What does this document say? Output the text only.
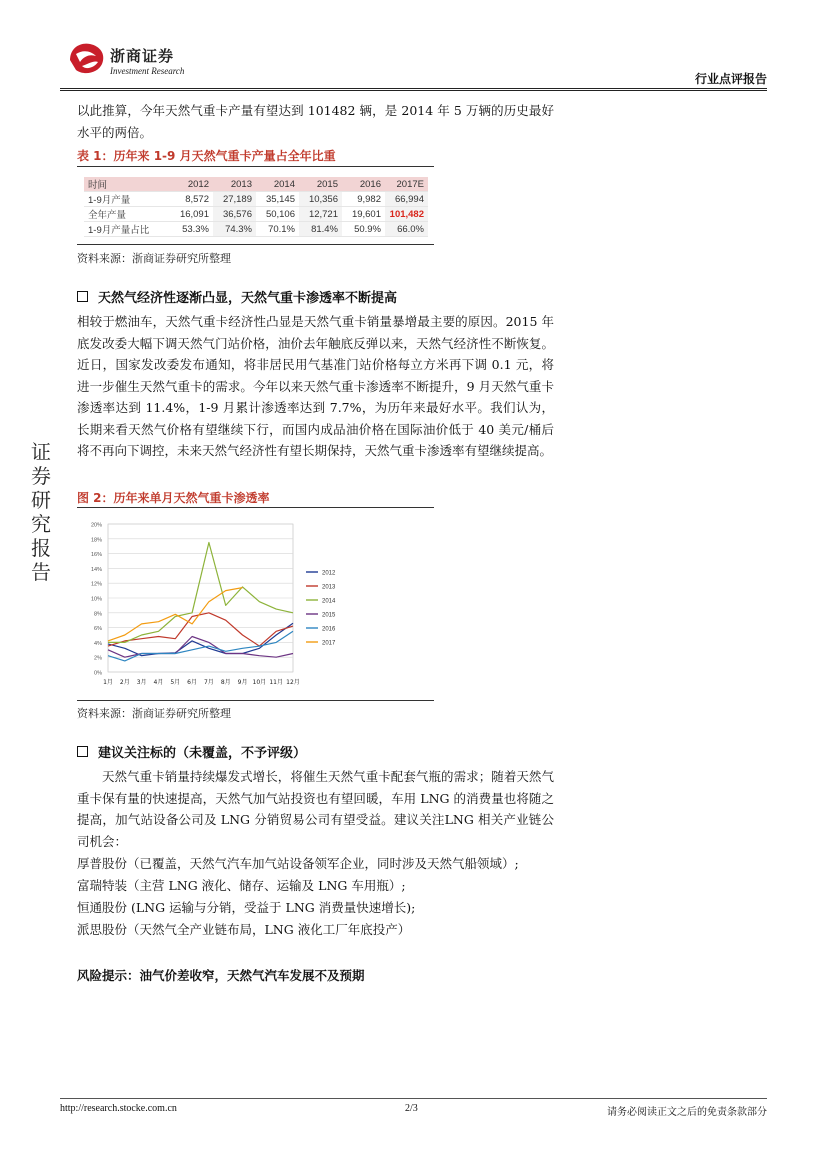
浙商证券
Investment Research
行业点评报告
证券研究报告
以此推算，今年天然气重卡产量有望达到 101482 辆，是 2014 年 5 万辆的历史最好水平的两倍。
表 1：历年来 1-9 月天然气重卡产量占全年比重
时间	2012	2013	2014	2015	2016	2017E
1-9月产量	8,572	27,189	35,145	10,356	9,982	66,994
全年产量	16,091	36,576	50,106	12,721	19,601	101,482
1-9月产量占比	53.3%	74.3%	70.1%	81.4%	50.9%	66.0%
资料来源：浙商证券研究所整理
天然气经济性逐渐凸显，天然气重卡渗透率不断提高
相较于燃油车，天然气重卡经济性凸显是天然气重卡销量暴增最主要的原因。2015 年底发改委大幅下调天然气门站价格，油价去年触底反弹以来，天然气经济性不断恢复。近日，国家发改委发布通知，将非居民用气基准门站价格每立方米再下调 0.1 元，将进一步催生天然气重卡的需求。今年以来天然气重卡渗透率不断提升，9 月天然气重卡渗透率达到 11.4%，1-9 月累计渗透率达到 7.7%，为历年来最好水平。我们认为，长期来看天然气价格有望继续下行，而国内成品油价格在国际油价低于 40 美元/桶后将不再向下调控，未来天然气经济性有望长期保持，天然气重卡渗透率有望继续提高。
图 2：历年来单月天然气重卡渗透率
0%
2%
4%
6%
8%
10%
12%
14%
16%
18%
20%
1月 2月 3月 4月 5月 6月 7月 8月 9月 10月 11月 12月
2012
2013
2014
2015
2016
2017
资料来源：浙商证券研究所整理
建议关注标的（未覆盖，不予评级）
天然气重卡销量持续爆发式增长，将催生天然气重卡配套气瓶的需求；随着天然气重卡保有量的快速提高，天然气加气站投资也有望回暖，车用 LNG 的消费量也将随之提高，加气站设备公司及 LNG 分销贸易公司有望受益。建议关注LNG 相关产业链公司机会：
厚普股份（已覆盖，天然气汽车加气站设备领军企业，同时涉及天然气船领域）;
富瑞特装（主营 LNG 液化、储存、运输及 LNG 车用瓶）;
恒通股份 (LNG 运输与分销，受益于 LNG 消费量快速增长);
派思股份（天然气全产业链布局，LNG 液化工厂年底投产）
风险提示：油气价差收窄，天然气汽车发展不及预期
http://research.stocke.com.cn	2/3	请务必阅读正文之后的免责条款部分
